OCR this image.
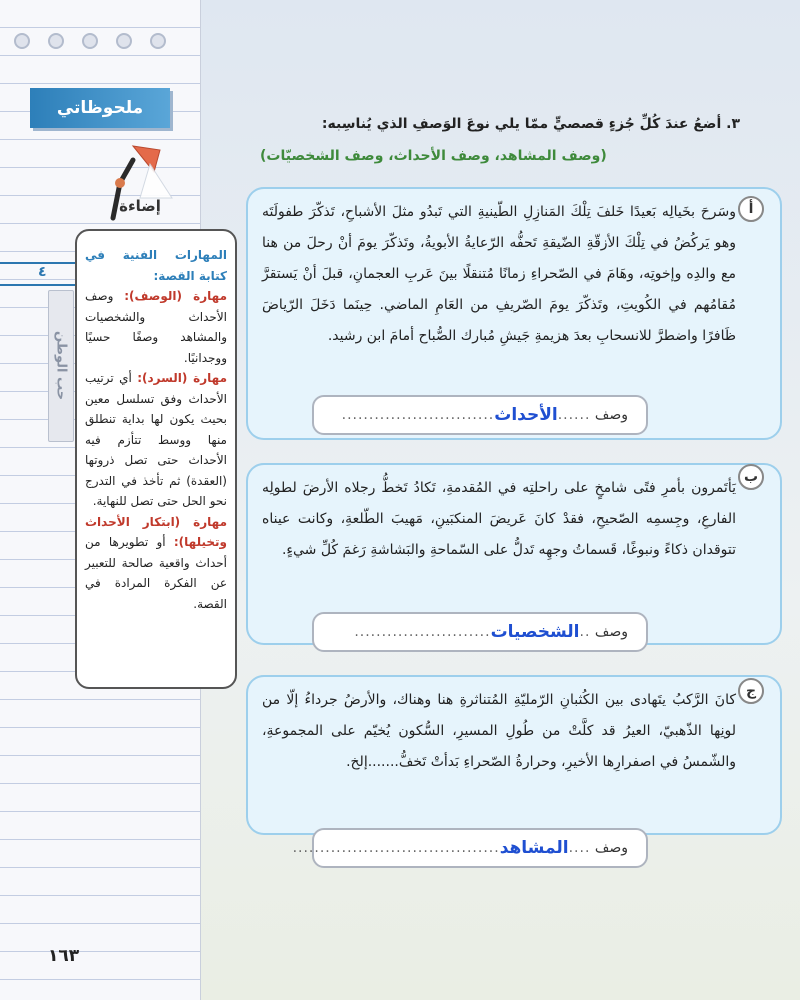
ملحوظاتي
إضاءة
٤
حب الوطن
المهارات الفنية في كتابة القصة:
مهارة (الوصف): وصف الأحداث والشخصيات والمشاهد وصفًا حسيًا ووجدانيًا.
مهارة (السرد): أي ترتيب الأحداث وفق تسلسل معين بحيث يكون لها بداية تنطلق منها ووسط تتأزم فيه الأحداث حتى تصل ذروتها (العقدة) ثم تأخذ في التدرج نحو الحل حتى تصل للنهاية.
مهارة (ابتكار الأحداث وتخيلها): أو تطويرها من أحداث واقعية صالحة للتعبير عن الفكرة المرادة في القصة.
٣. أضعُ عندَ كُلِّ جُزءٍ قصصيٍّ ممّا يلي نوعَ الوَصفِ الذي يُناسِبه:
(وصف المشاهد، وصف الأحداث، وصف الشخصيّات)
وسَرحَ بخَيالِه بَعيدًا خَلفَ تِلْكَ المَنازِلِ الطّينيةِ التي تَبدُو مثلَ الأشباحِ، تَذكّرَ طفولَتَه وهو يَركُضُ في تِلْكَ الأزقّةِ الضّيقةِ تَحفُّه الرّعايةُ الأبويةُ، وتَذكّرَ يومَ أنْ رحلَ من هنا مع والدِه وإخوتِه، وهَامَ في الصّحراءِ زمانًا مُتنقلًا بينَ عَربِ العجمانِ، قبلَ أنْ يَستقرَّ مُقامُهم في الكُويتِ، وتَذكّرَ يومَ الصّريفِ من العَامِ الماضي. حِينَما دَخَلَ الرّياضَ ظَافرًا واضطرَّ للانسحابِ بعدَ هزيمةِ جَيشِ مُبارك الصُّباح أمامَ ابن رشيد.
أ
وصف

......
الأحداث
............................
يَأتَمرون بأمرِ فتًى شامخٍ على راحلتِه في المُقدمةِ، تَكادُ تَخطُّ رجلاه الأرضَ لطولِه الفارعِ، وجِسمِه الصّحيحِ، فقدْ كانَ عَريضَ المنكبَينِ، مَهيبَ الطّلعةِ، وكانت عيناه تتوقدان ذكاءً ونبوغًا، قَسماتُ وجهِه تَدلُّ على السّماحةِ والبَشاشةِ رَغمَ كُلِّ شيءٍ.
ب
وصف

..
الشخصيات
.........................
كانَ الرَّكبُ يتَهادى بين الكُثبانِ الرّمليّةِ المُتناثرةِ هنا وهناك، والأرضُ جرداءُ إلّا من لونِها الذّهبيّ، العيرُ قد كلَّتْ من طُولِ المسيرِ، السُّكون يُخيّم على المجموعةِ، والشّمسُ في اصفرارِها الأخيرِ، وحرارةُ الصّحراءِ بَدأتْ تَخفُّ.......إلخ.
ج
وصف

....
المشاهد
......................................
١٦٣
